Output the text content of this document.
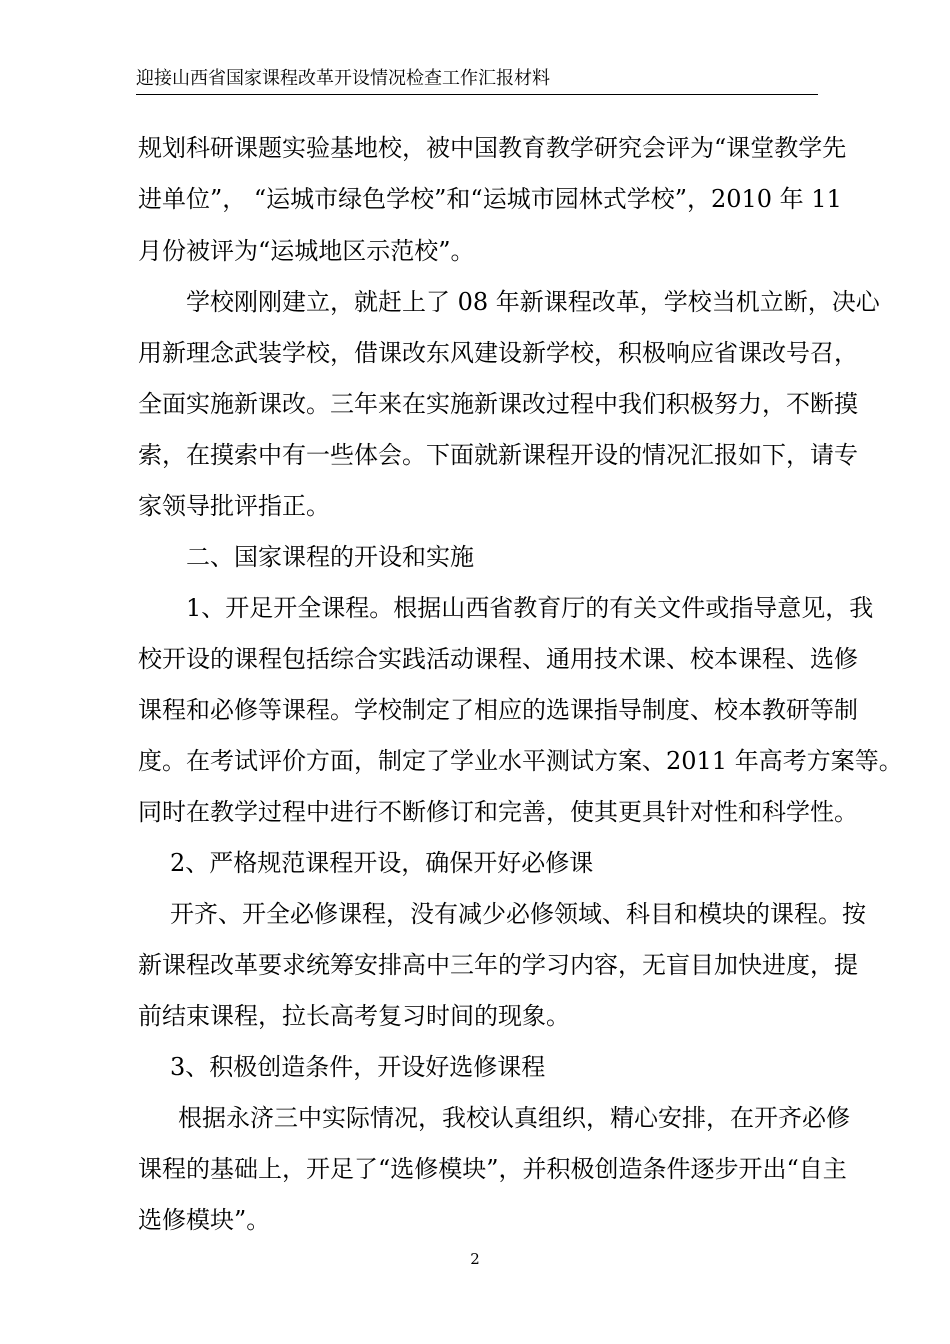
迎接山西省国家课程改革开设情况检查工作汇报材料
规划科研课题实验基地校，被中国教育教学研究会评为“课堂教学先
进单位”， “运城市绿色学校”和“运城市园林式学校”，2010 年 11
月份被评为“运城地区示范校”。
学校刚刚建立，就赶上了 08 年新课程改革，学校当机立断，决心
用新理念武装学校，借课改东风建设新学校，积极响应省课改号召，
全面实施新课改。三年来在实施新课改过程中我们积极努力，不断摸
索，在摸索中有一些体会。下面就新课程开设的情况汇报如下，请专
家领导批评指正。
二、国家课程的开设和实施
1、开足开全课程。根据山西省教育厅的有关文件或指导意见，我
校开设的课程包括综合实践活动课程、通用技术课、校本课程、选修
课程和必修等课程。学校制定了相应的选课指导制度、校本教研等制
度。在考试评价方面，制定了学业水平测试方案、2011 年高考方案等。
同时在教学过程中进行不断修订和完善，使其更具针对性和科学性。
2、严格规范课程开设，确保开好必修课
开齐、开全必修课程，没有减少必修领域、科目和模块的课程。按
新课程改革要求统筹安排高中三年的学习内容，无盲目加快进度，提
前结束课程，拉长高考复习时间的现象。
3、积极创造条件，开设好选修课程
根据永济三中实际情况，我校认真组织，精心安排，在开齐必修
课程的基础上，开足了“选修模块”，并积极创造条件逐步开出“自主
选修模块”。
2
